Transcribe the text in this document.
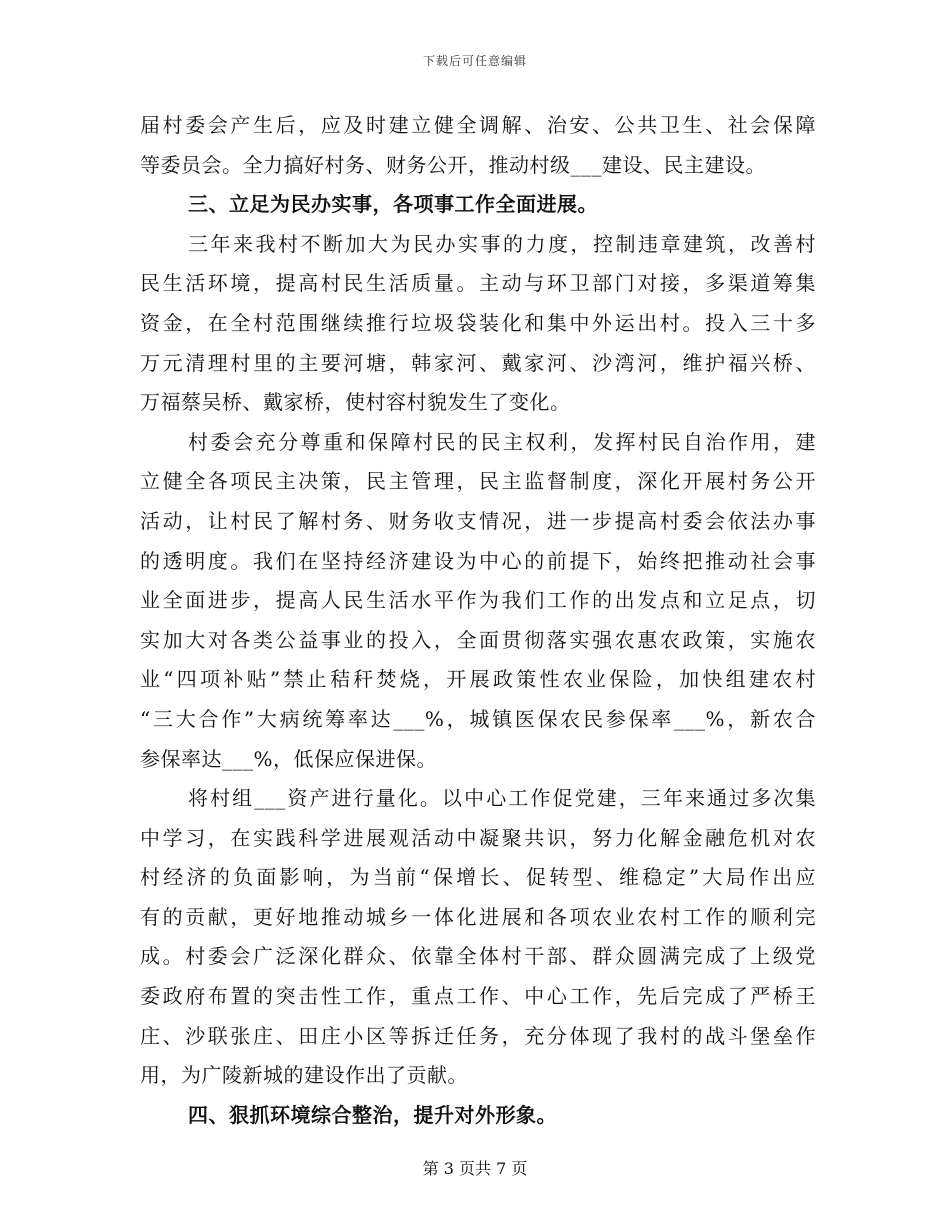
下载后可任意编辑
届村委会产生后，应及时建立健全调解、治安、公共卫生、社会保障
等委员会。全力搞好村务、财务公开，推动村级___建设、民主建设。
三、立足为民办实事，各项事工作全面进展。
三年来我村不断加大为民办实事的力度，控制违章建筑，改善村
民生活环境，提高村民生活质量。主动与环卫部门对接，多渠道筹集
资金，在全村范围继续推行垃圾袋装化和集中外运出村。投入三十多
万元清理村里的主要河塘，韩家河、戴家河、沙湾河，维护福兴桥、
万福蔡吴桥、戴家桥，使村容村貌发生了变化。
村委会充分尊重和保障村民的民主权利，发挥村民自治作用，建
立健全各项民主决策，民主管理，民主监督制度，深化开展村务公开
活动，让村民了解村务、财务收支情况，进一步提高村委会依法办事
的透明度。我们在坚持经济建设为中心的前提下，始终把推动社会事
业全面进步，提高人民生活水平作为我们工作的出发点和立足点，切
实加大对各类公益事业的投入，全面贯彻落实强农惠农政策，实施农
业“四项补贴”禁止秸秆焚烧，开展政策性农业保险，加快组建农村
“三大合作”大病统筹率达___%，城镇医保农民参保率___%，新农合
参保率达___%，低保应保进保。
将村组___资产进行量化。以中心工作促党建，三年来通过多次集
中学习，在实践科学进展观活动中凝聚共识，努力化解金融危机对农
村经济的负面影响，为当前“保增长、促转型、维稳定”大局作出应
有的贡献，更好地推动城乡一体化进展和各项农业农村工作的顺利完
成。村委会广泛深化群众、依靠全体村干部、群众圆满完成了上级党
委政府布置的突击性工作，重点工作、中心工作，先后完成了严桥王
庄、沙联张庄、田庄小区等拆迁任务，充分体现了我村的战斗堡垒作
用，为广陵新城的建设作出了贡献。
四、狠抓环境综合整治，提升对外形象。
第 3 页共 7 页
